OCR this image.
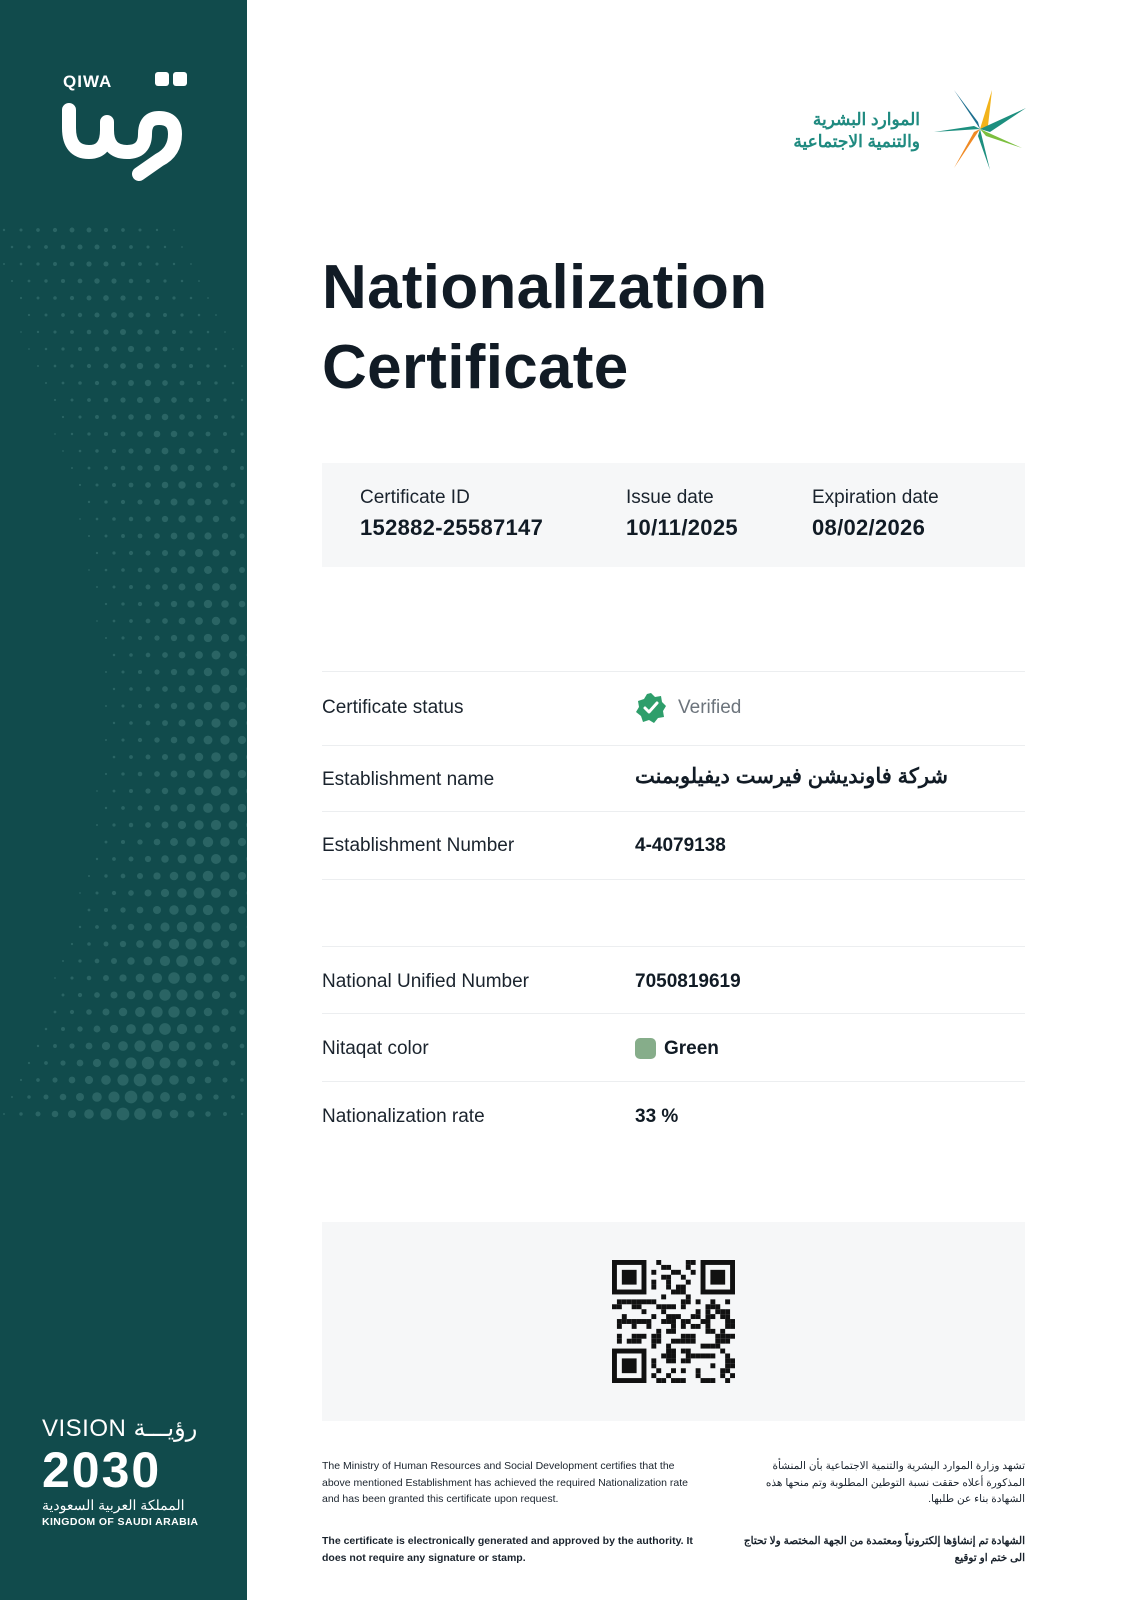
QIWA
VISION رؤيـــة
2030
المملكة العربية السعودية
KINGDOM OF SAUDI ARABIA
الموارد البشرية
والتنمية الاجتماعية
Nationalization
Certificate
Certificate ID
152882-25587147
Issue date
10/11/2025
Expiration date
08/02/2026
Certificate status	Verified
Establishment name	شركة فاونديشن فيرست ديفيلوبمنت
Establishment Number	4-4079138
National Unified Number	7050819619
Nitaqat color	Green
Nationalization rate	33 %
The Ministry of Human Resources and Social Development certifies that the above mentioned Establishment has achieved the required Nationalization rate and has been granted this certificate upon request.
تشهد وزارة الموارد البشرية والتنمية الاجتماعية بأن المنشأة المذكورة أعلاه حققت نسبة التوطين المطلوبة وتم منحها هذه الشهادة بناء عن طلبها.
The certificate is electronically generated and approved by the authority. It does not require any signature or stamp.
الشهادة تم إنشاؤها إلكترونياً ومعتمدة من الجهة المختصة ولا تحتاج الى ختم او توقيع
